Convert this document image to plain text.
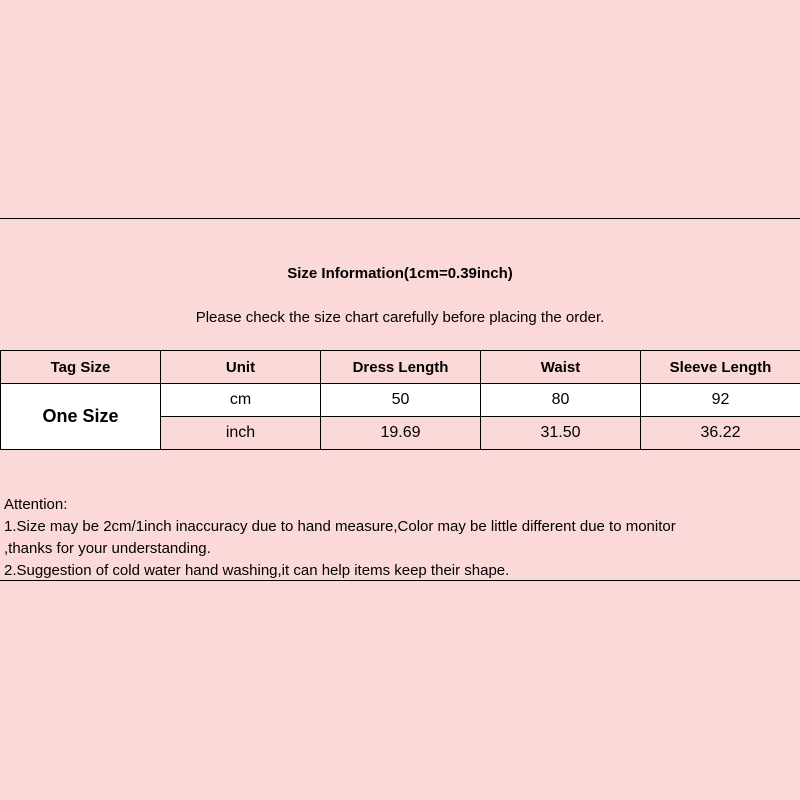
Size Information(1cm=0.39inch)
Please check the size chart carefully before placing the order.
Tag Size	Unit	Dress Length	Waist	Sleeve Length
One Size	cm	50	80	92
	inch	19.69	31.50	36.22

Attention:

1.Size may be 2cm/1inch inaccuracy due to hand measure,Color may be little different due to monitor

,thanks for your understanding.

2.Suggestion of cold water hand washing,it can help items keep their shape.
